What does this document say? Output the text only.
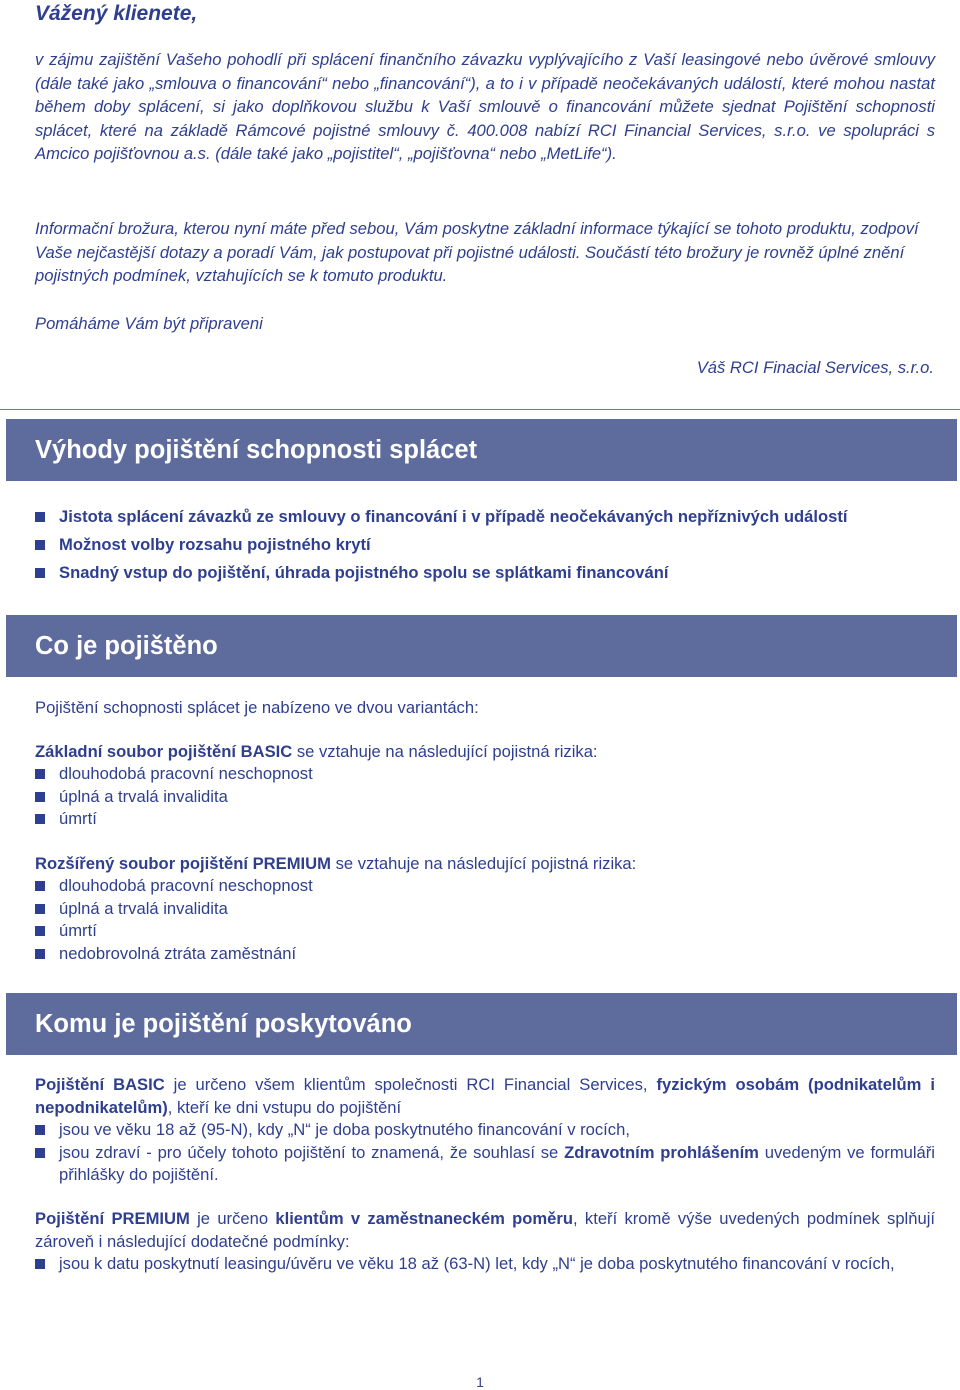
Vážený klienete,
v zájmu zajištění Vašeho pohodlí při splácení finančního závazku vyplývajícího z Vaší leasingové nebo úvěrové smlouvy (dále také jako „smlouva o financování“ nebo „financování“), a to i v případě neočekávaných událostí, které mohou nastat během doby splácení, si jako doplňkovou službu k Vaší smlouvě o financování můžete sjednat Pojištění schopnosti splácet, které na základě Rámcové pojistné smlouvy č. 400.008 nabízí RCI Financial Services, s.r.o. ve spolupráci s Amcico pojišťovnou a.s. (dále také jako „pojistitel“, „pojišťovna“ nebo „MetLife“).
Informační brožura, kterou nyní máte před sebou, Vám poskytne základní informace týkající se tohoto produktu, zodpoví Vaše nejčastější dotazy a poradí Vám, jak postupovat při pojistné události. Součástí této brožury je rovněž úplné znění pojistných podmínek, vztahujících se k tomuto produktu.
Pomáháme Vám být připraveni
Váš RCI Finacial Services, s.r.o.
Výhody pojištění schopnosti splácet
Jistota splácení závazků ze smlouvy o financování i v případě neočekávaných nepříznivých událostí
Možnost volby rozsahu pojistného krytí
Snadný vstup do pojištění, úhrada pojistného spolu se splátkami financování
Co je pojištěno

Pojištění schopnosti splácet je nabízeno ve dvou variantách:

Základní soubor pojištění BASIC se vztahuje na následující pojistná rizika:

dlouhodobá pracovní neschopnost
úplná a trvalá invalidita
úmrtí

Rozšířený soubor pojištění PREMIUM se vztahuje na následující pojistná rizika:

dlouhodobá pracovní neschopnost
úplná a trvalá invalidita
úmrtí
nedobrovolná ztráta zaměstnání
Komu je pojištění poskytováno

Pojištění BASIC je určeno všem klientům společnosti RCI Financial Services, fyzickým osobám (podnikatelům i nepodnikatelům), kteří ke dni vstupu do pojištění

jsou ve věku 18 až (95-N), kdy „N“ je doba poskytnutého financování v rocích,
jsou zdraví - pro účely tohoto pojištění to znamená, že souhlasí se Zdravotním prohlášením uvedeným ve formuláři přihlášky do pojištění.

Pojištění PREMIUM je určeno klientům v zaměstnaneckém poměru, kteří kromě výše uvedených podmínek splňují zároveň i následující dodatečné podmínky:

jsou k datu poskytnutí leasingu/úvěru ve věku 18 až (63-N) let, kdy „N“ je doba poskytnutého financování v rocích,
1
